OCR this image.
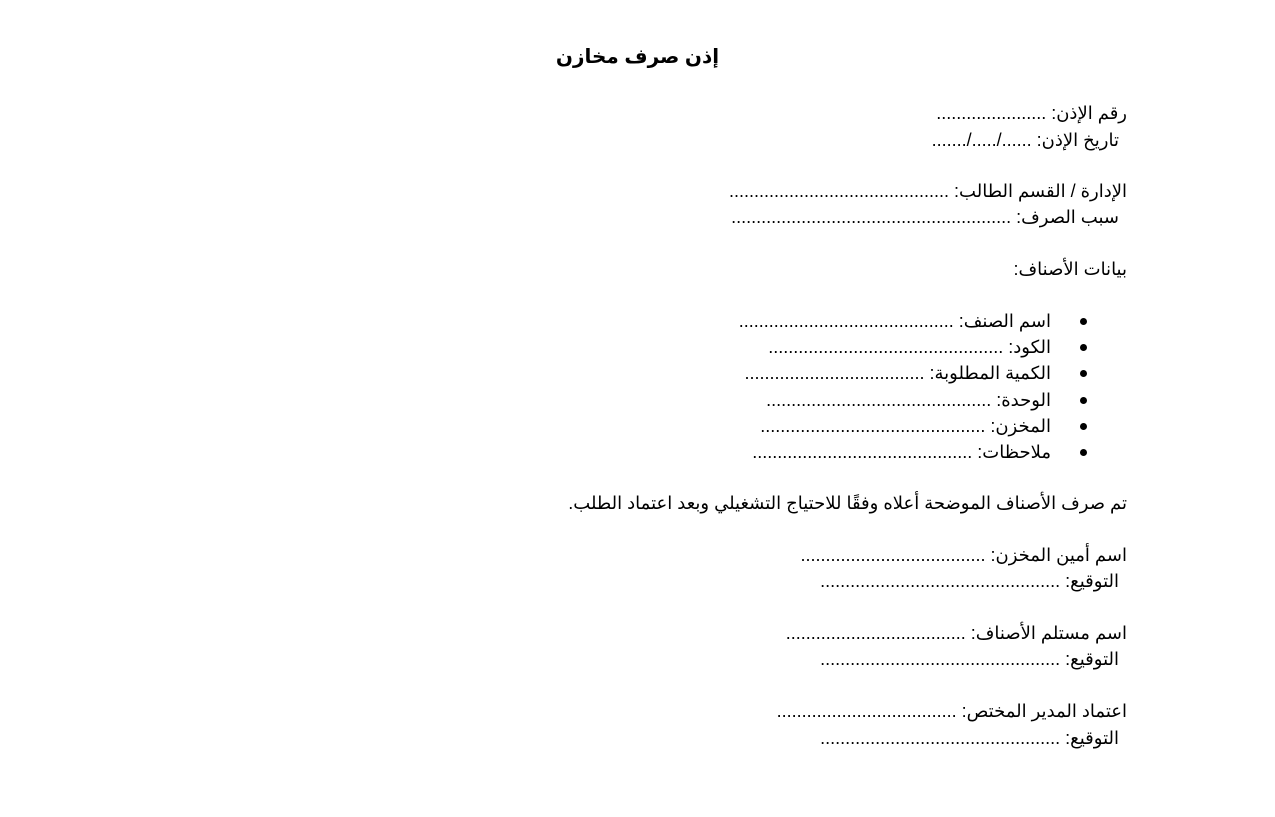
إذن صرف مخازن
رقم الإذن: ......................
تاريخ الإذن: ....../...../.......
الإدارة / القسم الطالب: ............................................
سبب الصرف: ........................................................
بيانات الأصناف:
اسم الصنف: ...........................................
الكود: ...............................................
الكمية المطلوبة: ....................................
الوحدة: .............................................
المخزن: .............................................
ملاحظات: ............................................
تم صرف الأصناف الموضحة أعلاه وفقًا للاحتياج التشغيلي وبعد اعتماد الطلب.
اسم أمين المخزن: .....................................
التوقيع: ................................................
اسم مستلم الأصناف: ....................................
التوقيع: ................................................
اعتماد المدير المختص: ....................................
التوقيع: ................................................
